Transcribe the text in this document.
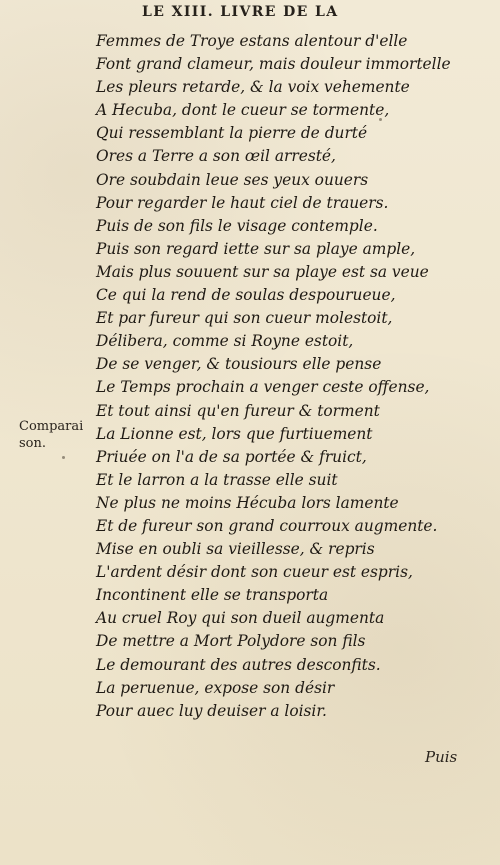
LE XIII. LIVRE DE LA
Femmes de Troye estans alentour d'elle
Font grand clameur, mais douleur immortelle
Les pleurs retarde, & la voix vehemente
A Hecuba, dont le cueur se tormente,
Qui ressemblant la pierre de durté
Ores a Terre a son œil arresté,
Ore soubdain leue ses yeux ouuers
Pour regarder le haut ciel de trauers.
Puis de son fils le visage contemple.
Puis son regard iette sur sa playe ample,
Mais plus souuent sur sa playe est sa veue
Ce qui la rend de soulas despourueue,
Et par fureur qui son cueur molestoit,
Délibera, comme si Royne estoit,
De se venger, & tousiours elle pense
Le Temps prochain a venger ceste offense,
Et tout ainsi qu'en fureur & torment
La Lionne est, lors que furtiuement
Priuée on l'a de sa portée & fruict,
Et le larron a la trasse elle suit
Ne plus ne moins Hécuba lors lamente
Et de fureur son grand courroux augmente.
Mise en oubli sa vieillesse, & repris
L'ardent désir dont son cueur est espris,
Incontinent elle se transporta
Au cruel Roy qui son dueil augmenta
De mettre a Mort Polydore son fils
Le demourant des autres desconfits.
La peruenue, expose son désir
Pour auec luy deuiser a loisir.
Comparai
son.
Puis
